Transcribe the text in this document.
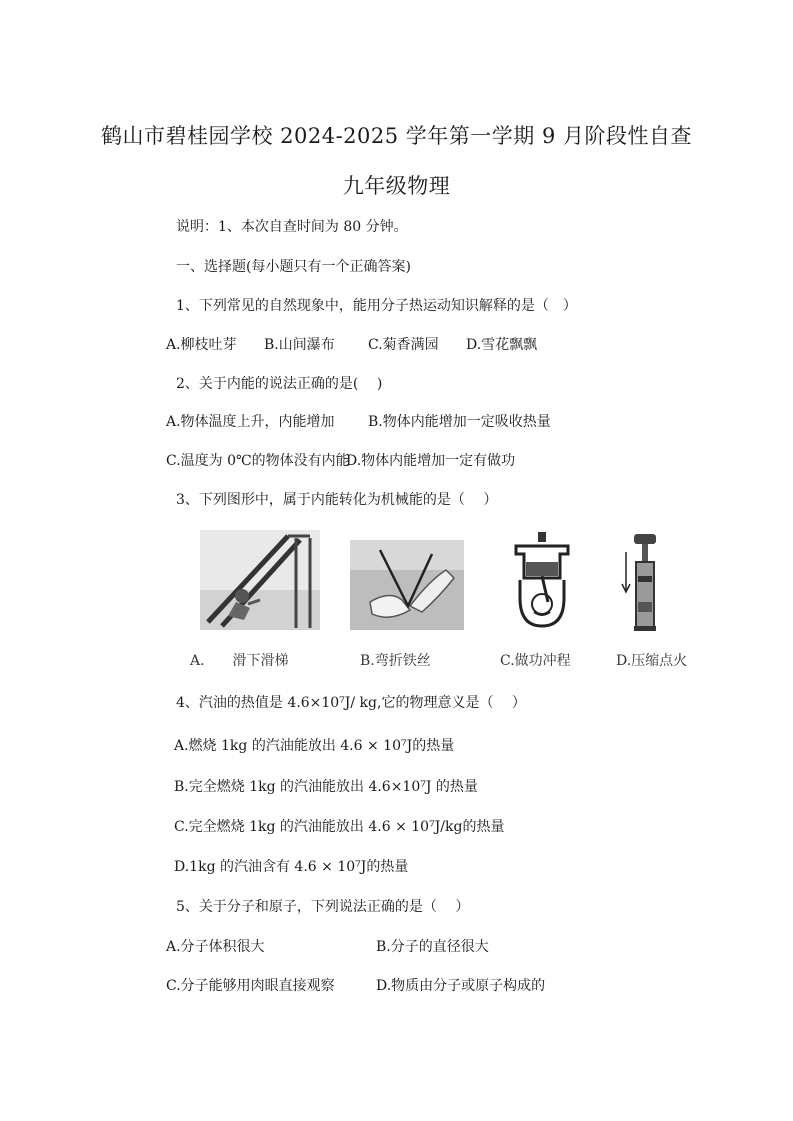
鹤山市碧桂园学校 2024-2025 学年第一学期 9 月阶段性自查
九年级物理
说明：1、本次自查时间为 80 分钟。
一、选择题(每小题只有一个正确答案)
1、下列常见的自然现象中，能用分子热运动知识解释的是（　）
A.柳枝吐芽 B.山间瀑布 C.菊香满园 D.雪花飘飘
2、关于内能的说法正确的是(　 )
A.物体温度上升，内能增加 B.物体内能增加一定吸收热量
C.温度为 0℃的物体没有内能
D.物体内能增加一定有做功
3、下列图形中，属于内能转化为机械能的是（　 ）
A.　　滑下滑梯	B.弯折铁丝	C.做功冲程	D.压缩点火
4、汽油的热值是 4.6×10⁷J/ kg,它的物理意义是（　 ）
A.燃烧 1kg 的汽油能放出 4.6 × 10⁷J的热量
B.完全燃烧 1kg 的汽油能放出 4.6×10⁷J 的热量
C.完全燃烧 1kg 的汽油能放出 4.6 × 10⁷J/kg的热量
D.1kg 的汽油含有 4.6 × 10⁷J的热量
5、关于分子和原子，下列说法正确的是（　 ）
A.分子体积很大	B.分子的直径很大
C.分子能够用肉眼直接观察	D.物质由分子或原子构成的
